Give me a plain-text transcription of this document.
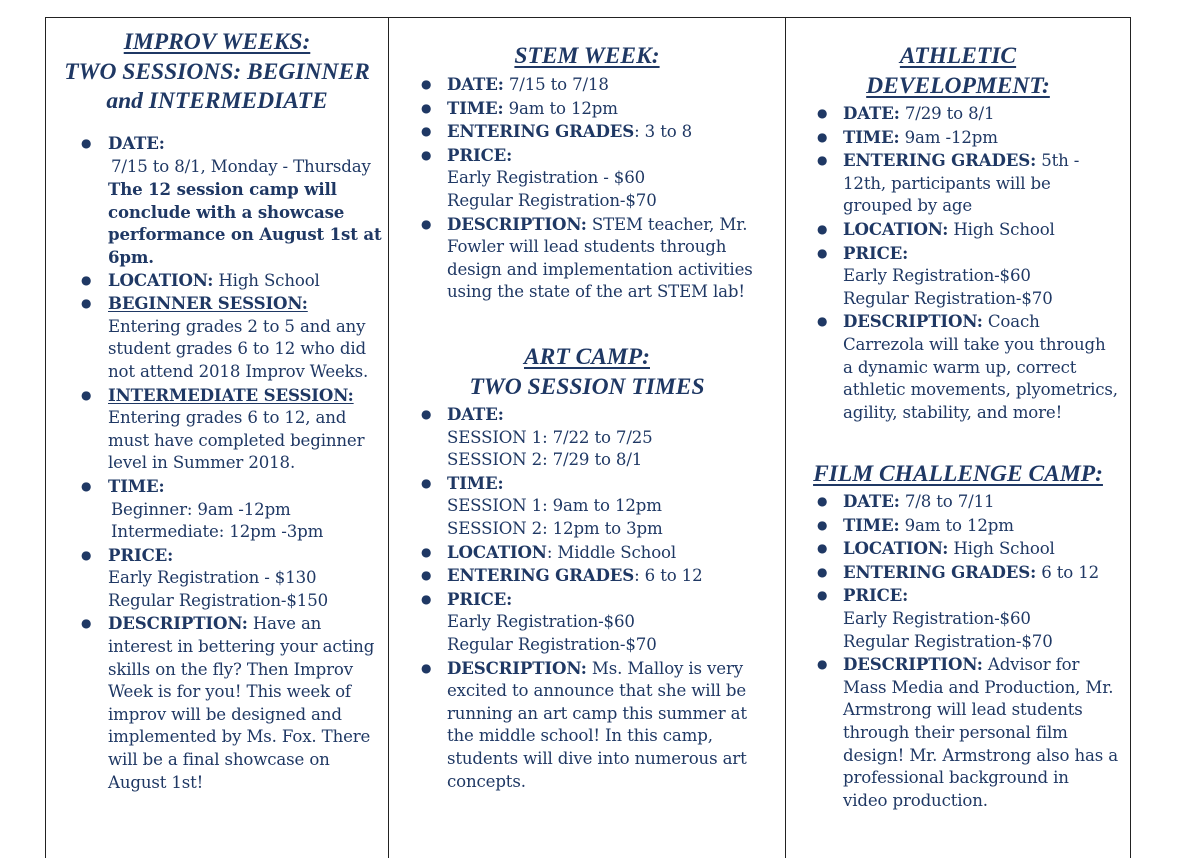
IMPROV WEEKS:
TWO SESSIONS: BEGINNER
and INTERMEDIATE
● DATE:
7/15 to 8/1, Monday - Thursday
The 12 session camp will conclude with a showcase performance on August 1st at 6pm.
● LOCATION: High School
● BEGINNER SESSION:
Entering grades 2 to 5 and any student grades 6 to 12 who did not attend 2018 Improv Weeks.
● INTERMEDIATE SESSION:
Entering grades 6 to 12, and must have completed beginner level in Summer 2018.
● TIME:
Beginner: 9am -12pm
Intermediate: 12pm -3pm
● PRICE:
Early Registration - $130
Regular Registration-$150
● DESCRIPTION: Have an interest in bettering your acting skills on the fly? Then Improv Week is for you! This week of improv will be designed and implemented by Ms. Fox. There will be a final showcase on August 1st!
STEM WEEK:
● DATE: 7/15 to 7/18
● TIME: 9am to 12pm
● ENTERING GRADES: 3 to 8
● PRICE:
Early Registration - $60
Regular Registration-$70
● DESCRIPTION: STEM teacher, Mr. Fowler will lead students through design and implementation activities using the state of the art STEM lab!
ART CAMP:
TWO SESSION TIMES
● DATE:
SESSION 1: 7/22 to 7/25
SESSION 2: 7/29 to 8/1
● TIME:
SESSION 1: 9am to 12pm
SESSION 2: 12pm to 3pm
● LOCATION: Middle School
● ENTERING GRADES: 6 to 12
● PRICE:
Early Registration-$60
Regular Registration-$70
● DESCRIPTION: Ms. Malloy is very excited to announce that she will be running an art camp this summer at the middle school! In this camp, students will dive into numerous art concepts.
ATHLETIC
DEVELOPMENT:
● DATE: 7/29 to 8/1
● TIME: 9am -12pm
● ENTERING GRADES: 5th - 12th, participants will be grouped by age
● LOCATION: High School
● PRICE:
Early Registration-$60
Regular Registration-$70
● DESCRIPTION: Coach Carrezola will take you through a dynamic warm up, correct athletic movements, plyometrics, agility, stability, and more!
FILM CHALLENGE CAMP:
● DATE: 7/8 to 7/11
● TIME: 9am to 12pm
● LOCATION: High School
● ENTERING GRADES: 6 to 12
● PRICE:
Early Registration-$60
Regular Registration-$70
● DESCRIPTION: Advisor for Mass Media and Production, Mr. Armstrong will lead students through their personal film design! Mr. Armstrong also has a professional background in video production.
